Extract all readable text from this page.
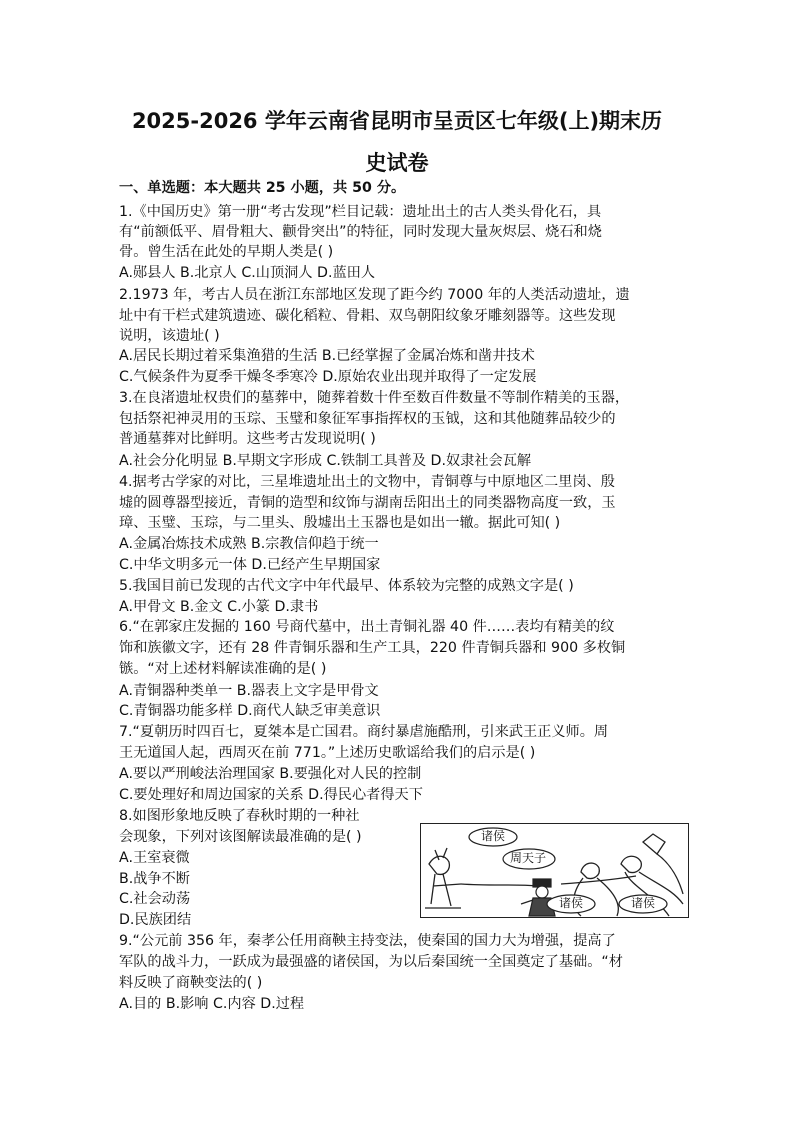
2025-2026 学年云南省昆明市呈贡区七年级(上)期末历
史试卷
一、单选题：本大题共 25 小题，共 50 分。
1.《中国历史》第一册“考古发现”栏目记载：遗址出土的古人类头骨化石，具
有“前额低平、眉骨粗大、颧骨突出”的特征，同时发现大量灰烬层、烧石和烧
骨。曾生活在此处的早期人类是( )
A.郧县人 B.北京人 C.山顶洞人 D.蓝田人
2.1973 年，考古人员在浙江东部地区发现了距今约 7000 年的人类活动遗址，遗
址中有干栏式建筑遗迹、碳化稻粒、骨耜、双鸟朝阳纹象牙雕刻器等。这些发现
说明，该遗址( )
A.居民长期过着采集渔猎的生活 B.已经掌握了金属冶炼和凿井技术
C.气候条件为夏季干燥冬季寒冷 D.原始农业出现并取得了一定发展
3.在良渚遗址权贵们的墓葬中，随葬着数十件至数百件数量不等制作精美的玉器，
包括祭祀神灵用的玉琮、玉璧和象征军事指挥权的玉钺，这和其他随葬品较少的
普通墓葬对比鲜明。这些考古发现说明( )
A.社会分化明显 B.早期文字形成 C.铁制工具普及 D.奴隶社会瓦解
4.据考古学家的对比，三星堆遗址出土的文物中，青铜尊与中原地区二里岗、殷
墟的圆尊器型接近，青铜的造型和纹饰与湖南岳阳出土的同类器物高度一致，玉
璋、玉璧、玉琮，与二里头、殷墟出土玉器也是如出一辙。据此可知( )
A.金属冶炼技术成熟 B.宗教信仰趋于统一
C.中华文明多元一体 D.已经产生早期国家
5.我国目前已发现的古代文字中年代最早、体系较为完整的成熟文字是( )
A.甲骨文 B.金文 C.小篆 D.隶书
6.“在郭家庄发掘的 160 号商代墓中，出土青铜礼器 40 件……表均有精美的纹
饰和族徽文字，还有 28 件青铜乐器和生产工具，220 件青铜兵器和 900 多枚铜
镞。“对上述材料解读准确的是( )
A.青铜器种类单一 B.器表上文字是甲骨文
C.青铜器功能多样 D.商代人缺乏审美意识
7.“夏朝历时四百七，夏桀本是亡国君。商纣暴虐施酷刑，引来武王正义师。周
王无道国人起，西周灭在前 771。”上述历史歌谣给我们的启示是( )
A.要以严刑峻法治理国家 B.要强化对人民的控制
C.要处理好和周边国家的关系 D.得民心者得天下
8.如图形象地反映了春秋时期的一种社
会现象，下列对该图解读最准确的是( )
A.王室衰微
B.战争不断
C.社会动荡
D.民族团结
9.“公元前 356 年，秦孝公任用商鞅主持变法，使秦国的国力大为增强，提高了
军队的战斗力，一跃成为最强盛的诸侯国，为以后秦国统一全国奠定了基础。“材
料反映了商鞅变法的( )
A.目的 B.影响 C.内容 D.过程
诸侯
周天子
诸侯	诸侯
